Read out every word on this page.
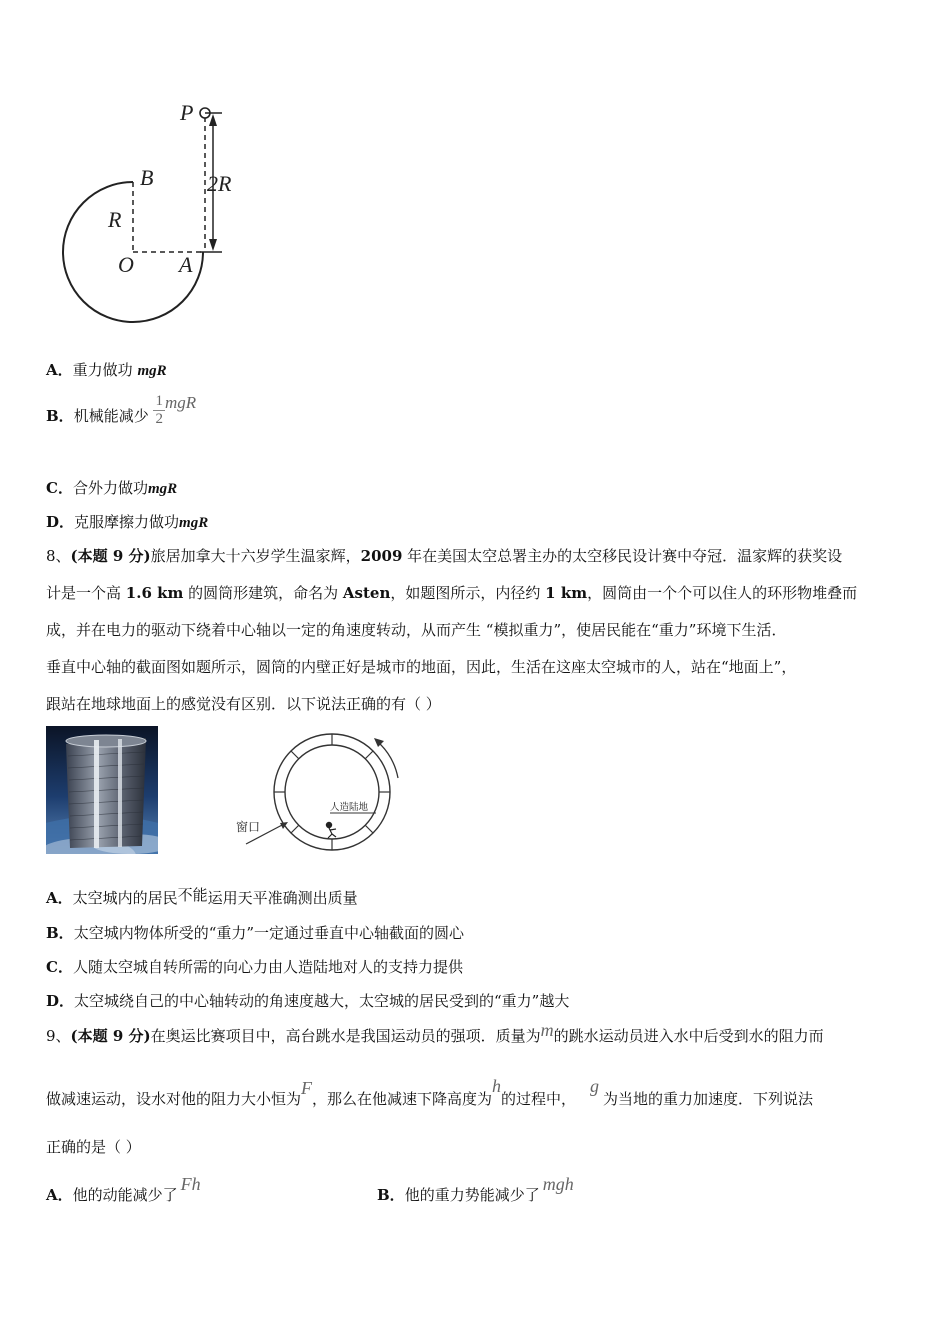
P
B
R
O A
2R
A．重力做功 mgR
B．机械能减少 $\frac{1}{2}$ mgR
C．合外力做功mgR
D．克服摩擦力做功mgR
8、(本题 9 分)旅居加拿大十六岁学生温家辉，2009 年在美国太空总署主办的太空移民设计赛中夺冠．温家辉的获奖设
计是一个高 1.6 km 的圆筒形建筑，命名为 Asten，如题图所示，内径约 1 km，圆筒由一个个可以住人的环形物堆叠而
成，并在电力的驱动下绕着中心轴以一定的角速度转动，从而产生 “模拟重力”，使居民能在“重力”环境下生活．
垂直中心轴的截面图如题所示，圆筒的内壁正好是城市的地面，因此，生活在这座太空城市的人，站在“地面上”，
跟站在地球地面上的感觉没有区别．以下说法正确的有（ ）
人造陆地
窗口
A．太空城内的居民不能运用天平准确测出质量
B．太空城内物体所受的“重力”一定通过垂直中心轴截面的圆心
C．人随太空城自转所需的向心力由人造陆地对人的支持力提供
D．太空城绕自己的中心轴转动的角速度越大，太空城的居民受到的“重力”越大
9、(本题 9 分)在奥运比赛项目中，高台跳水是我国运动员的强项．质量为m的跳水运动员进入水中后受到水的阻力而
做减速运动，设水对他的阻力大小恒为F，那么在他减速下降高度为h的过程中，g为当地的重力加速度．下列说法
正确的是（ ）
A．他的动能减少了Fh
B．他的重力势能减少了mgh
